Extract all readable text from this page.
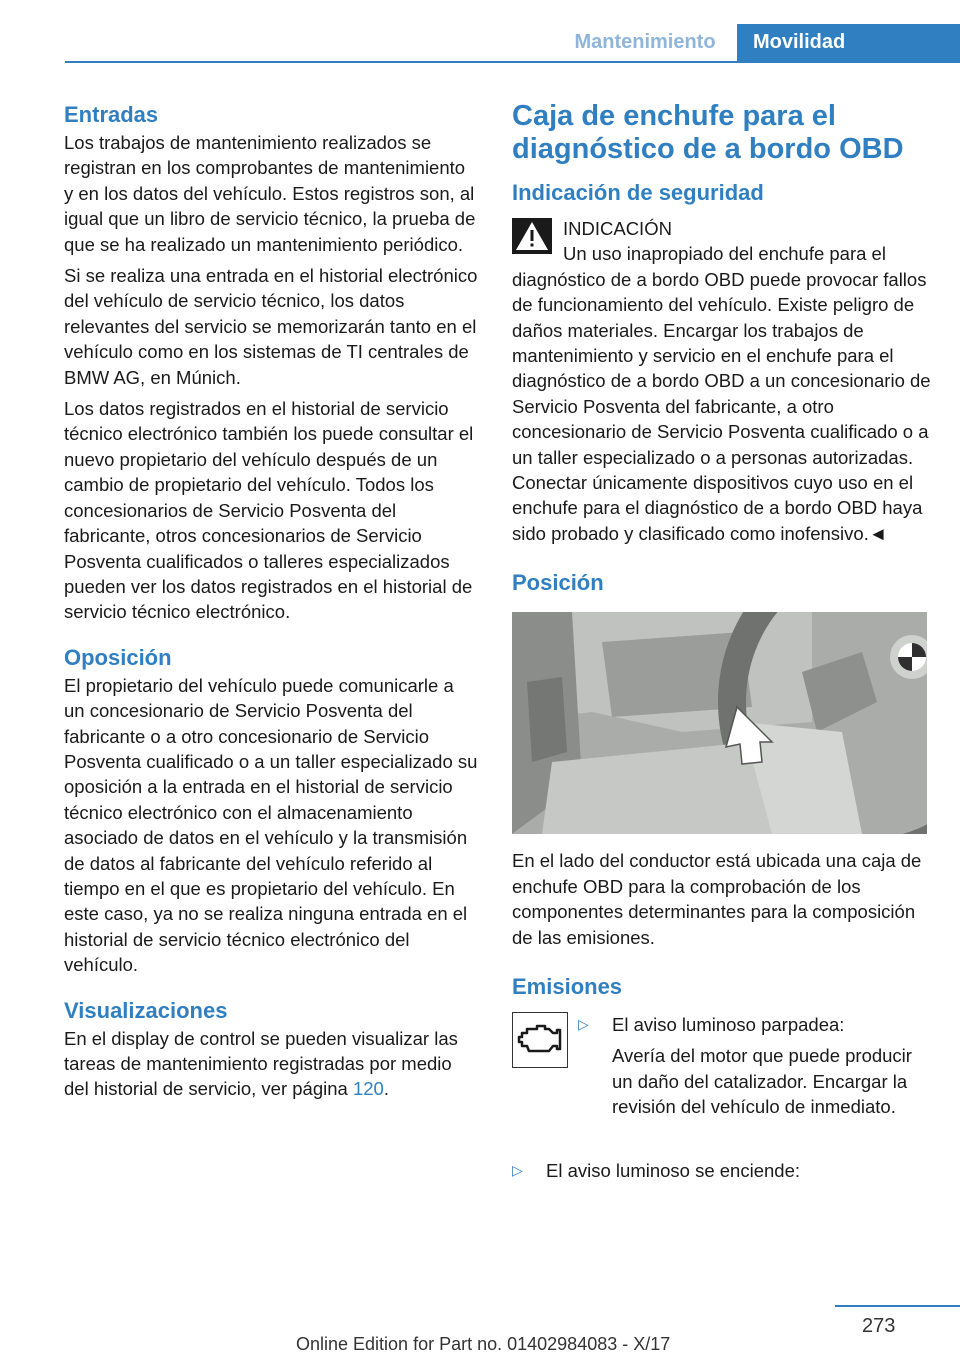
Mantenimiento	Movilidad
Entradas

Los trabajos de mantenimiento realizados se registran en los comprobantes de mantenimiento y en los datos del vehículo. Estos registros son, al igual que un libro de servicio técnico, la prueba de que se ha realizado un mantenimiento periódico.

Si se realiza una entrada en el historial electrónico del vehículo de servicio técnico, los datos relevantes del servicio se memorizarán tanto en el vehículo como en los sistemas de TI centrales de BMW AG, en Múnich.

Los datos registrados en el historial de servicio técnico electrónico también los puede consultar el nuevo propietario del vehículo después de un cambio de propietario del vehículo. Todos los concesionarios de Servicio Posventa del fabricante, otros concesionarios de Servicio Posventa cualificados o talleres especializados pueden ver los datos registrados en el historial de servicio técnico electrónico.

Oposición

El propietario del vehículo puede comunicarle a un concesionario de Servicio Posventa del fabricante o a otro concesionario de Servicio Posventa cualificado o a un taller especializado su oposición a la entrada en el historial de servicio técnico electrónico con el almacenamiento asociado de datos en el vehículo y la transmisión de datos al fabricante del vehículo referido al tiempo en el que es propietario del vehículo. En este caso, ya no se realiza ninguna entrada en el historial de servicio técnico electrónico del vehículo.

Visualizaciones

En el display de control se pueden visualizar las tareas de mantenimiento registradas por medio del historial de servicio, ver página 120.

Caja de enchufe para el diagnóstico de a bordo OBD
Indicación de seguridad
INDICACIÓN

Un uso inapropiado del enchufe para el
diagnóstico de a bordo OBD puede provocar fallos de funcionamiento del vehículo. Existe peligro de daños materiales. Encargar los trabajos de mantenimiento y servicio en el enchufe para el diagnóstico de a bordo OBD a un concesionario de Servicio Posventa del fabricante, a otro concesionario de Servicio Posventa cualificado o a un taller especializado o a personas autorizadas. Conectar únicamente dispositivos cuyo uso en el enchufe para el diagnóstico de a bordo OBD haya sido probado y clasificado como inofensivo.◄

Posición

En el lado del conductor está ubicada una caja de enchufe OBD para la comprobación de los componentes determinantes para la composición de las emisiones.

Emisiones
▷ El aviso luminoso parpadea:
Avería del motor que puede producir un daño del catalizador. Encargar la revisión del vehículo de inmediato.
▷ El aviso luminoso se enciende:
273
Online Edition for Part no. 01402984083 - X/17
